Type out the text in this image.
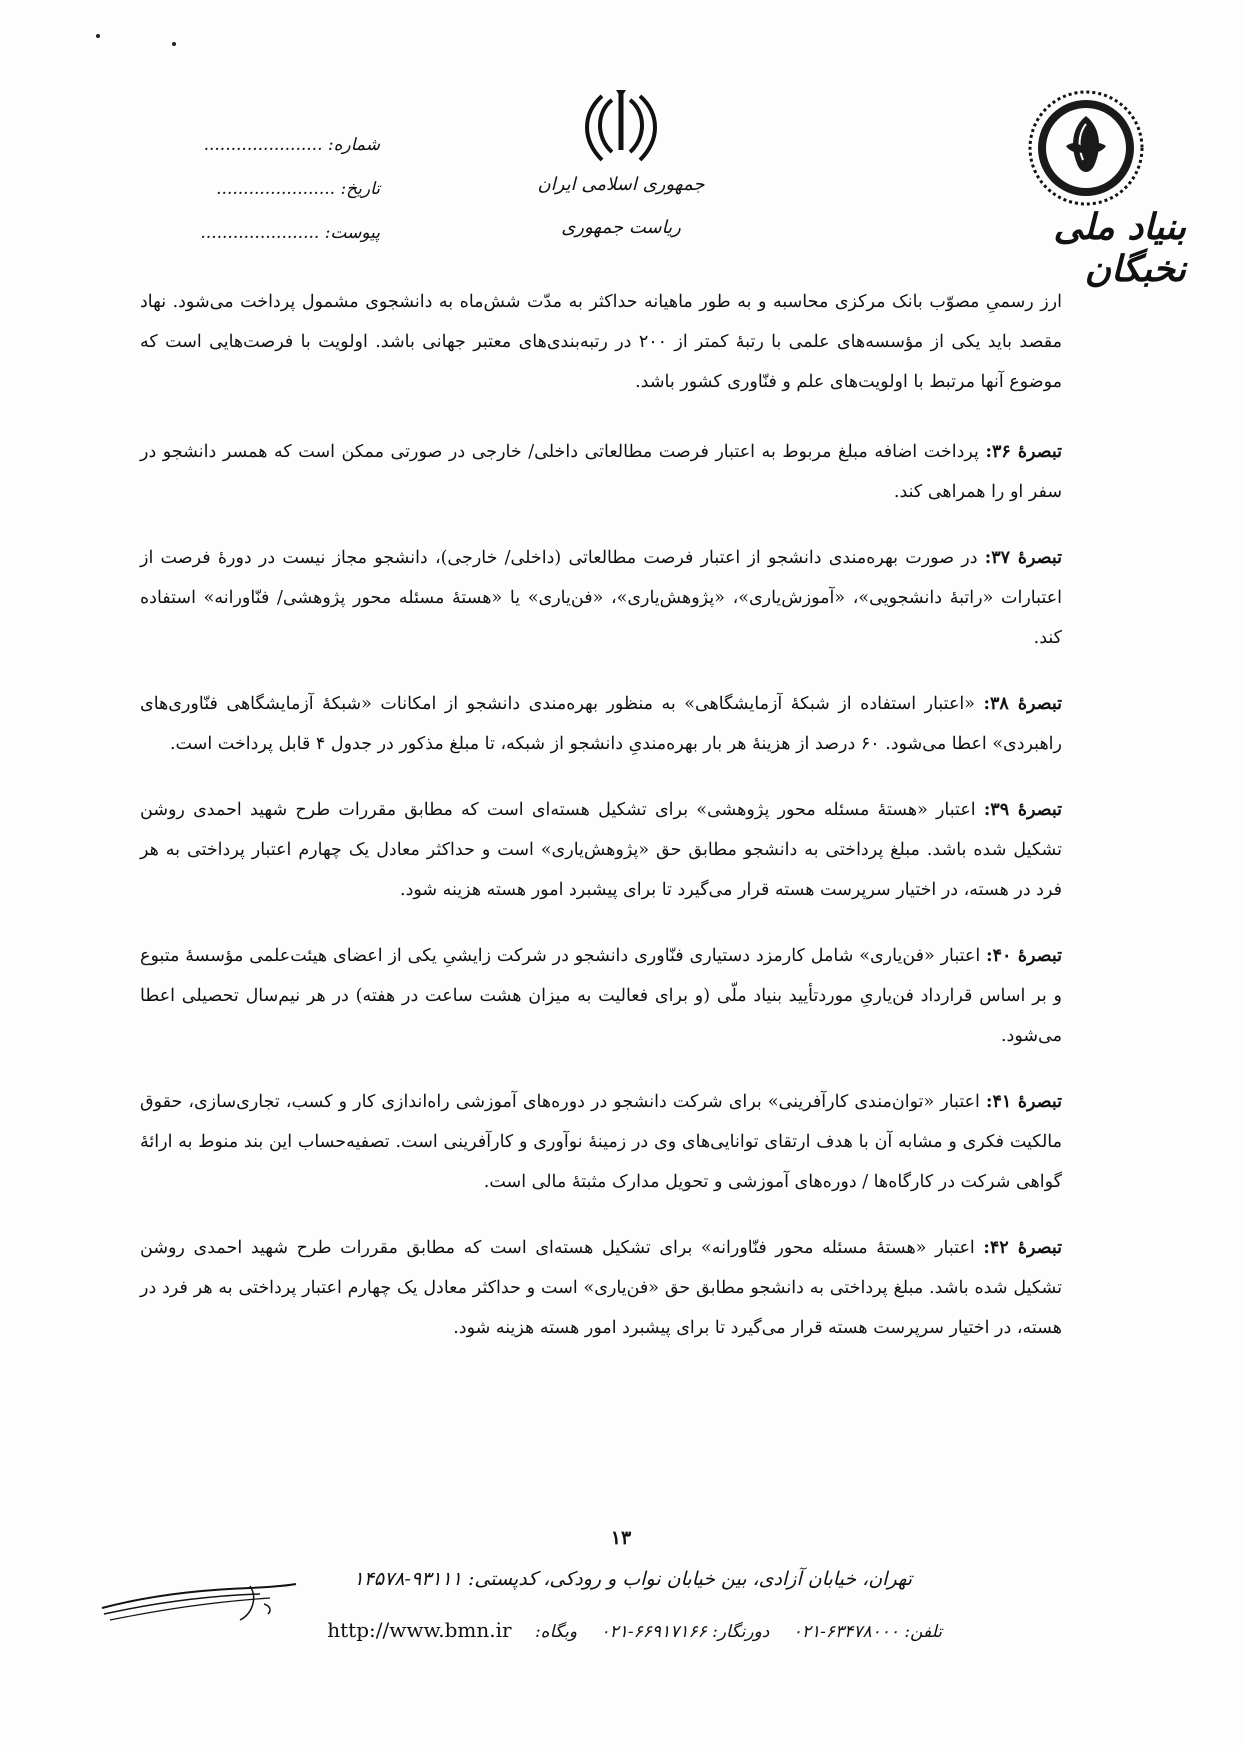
بنیاد ملی نخبگان
جمهوری اسلامی ایران
ریاست جمهوری
شماره: ......................
تاریخ: ......................
پیوست: ......................

ارز رسمیِ مصوّب بانک مرکزی محاسبه و به طور ماهیانه حداکثر به مدّت شش‌ماه به دانشجوی مشمول پرداخت می‌شود. نهاد مقصد باید یکی از مؤسسه‌های علمی با رتبهٔ کمتر از ۲۰۰ در رتبه‌بندی‌های معتبر جهانی باشد. اولویت با فرصت‌هایی است که موضوع آنها مرتبط با اولویت‌های علم و فنّاوری کشور باشد.

تبصرهٔ ۳۶: پرداخت اضافه مبلغ مربوط به اعتبار فرصت مطالعاتی داخلی/ خارجی در صورتی ممکن است که همسر دانشجو در سفر او را همراهی کند.

تبصرهٔ ۳۷: در صورت بهره‌مندی دانشجو از اعتبار فرصت مطالعاتی (داخلی/ خارجی)، دانشجو مجاز نیست در دورهٔ فرصت از اعتبارات «راتبهٔ دانشجویی»، «آموزش‌یاری»، «پژوهش‌یاری»، «فن‌یاری» یا «هستهٔ مسئله محور پژوهشی/ فنّاورانه» استفاده کند.

تبصرهٔ ۳۸: «اعتبار استفاده از شبکهٔ آزمایشگاهی» به منظور بهره‌مندی دانشجو از امکانات «شبکهٔ آزمایشگاهی فنّاوری‌های راهبردی» اعطا می‌شود. ۶۰ درصد از هزینهٔ هر بار بهره‌مندیِ دانشجو از شبکه، تا مبلغ مذکور در جدول ۴ قابل پرداخت است.

تبصرهٔ ۳۹: اعتبار «هستهٔ مسئله محور پژوهشی» برای تشکیل هسته‌ای است که مطابق مقررات طرح شهید احمدی روشن تشکیل شده باشد. مبلغ پرداختی به دانشجو مطابق حق «پژوهش‌یاری» است و حداکثر معادل یک چهارم اعتبار پرداختی به هر فرد در هسته، در اختیار سرپرست هسته قرار می‌گیرد تا برای پیشبرد امور هسته هزینه شود.

تبصرهٔ ۴۰: اعتبار «فن‌یاری» شامل کارمزد دستیاری فنّاوری دانشجو در شرکت زایشیِ یکی از اعضای هیئت‌علمی مؤسسهٔ متبوع و بر اساس قرارداد فن‌یاریِ موردتأیید بنیاد ملّی (و برای فعالیت به میزان هشت ساعت در هفته) در هر نیم‌سال تحصیلی اعطا می‌شود.

تبصرهٔ ۴۱: اعتبار «توان‌مندی کارآفرینی» برای شرکت دانشجو در دوره‌های آموزشی راه‌اندازی کار و کسب، تجاری‌سازی، حقوق مالکیت فکری و مشابه آن با هدف ارتقای توانایی‌های وی در زمینهٔ نوآوری و کارآفرینی است. تصفیه‌حساب این بند منوط به ارائهٔ گواهی شرکت در کارگاه‌ها / دوره‌های آموزشی و تحویل مدارک مثبتهٔ مالی است.

تبصرهٔ ۴۲: اعتبار «هستهٔ مسئله محور فنّاورانه» برای تشکیل هسته‌ای است که مطابق مقررات طرح شهید احمدی روشن تشکیل شده باشد. مبلغ پرداختی به دانشجو مطابق حق «فن‌یاری» است و حداکثر معادل یک چهارم اعتبار پرداختی به هر فرد در هسته، در اختیار سرپرست هسته قرار می‌گیرد تا برای پیشبرد امور هسته هزینه شود.

۱۳
تهران، خیابان آزادی، بین خیابان نواب و رودکی، کدپستی: ۹۳۱۱۱-۱۴۵۷۸
تلفن: ۶۳۴۷۸۰۰۰-۰۲۱ دورنگار: ۶۶۹۱۷۱۶۶-۰۲۱ وبگاه: http://www.bmn.ir
